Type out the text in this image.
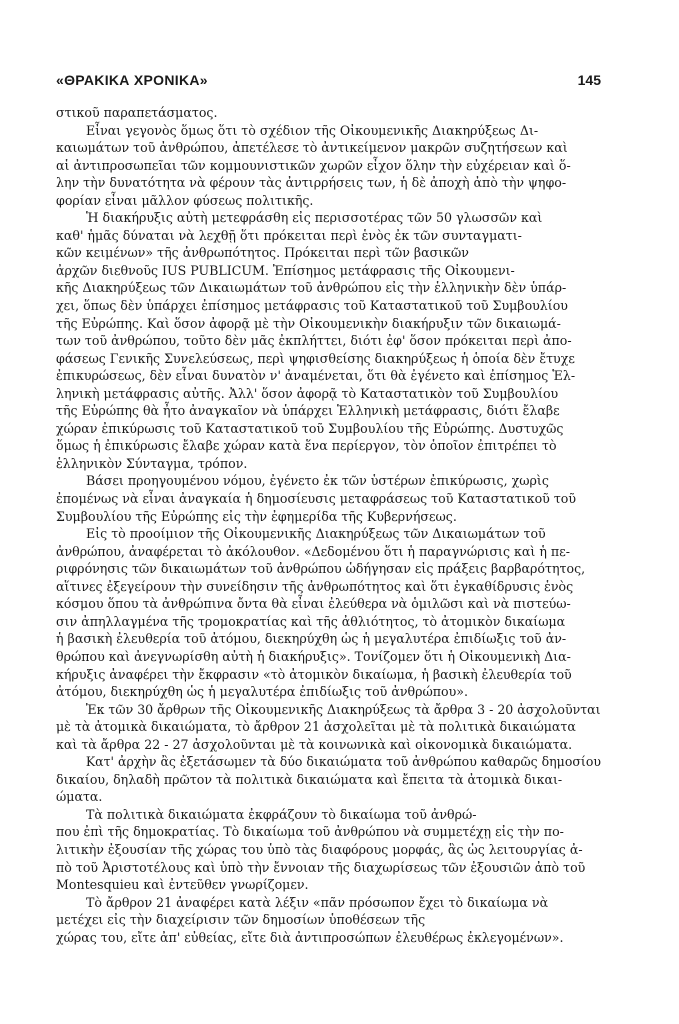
«ΘΡΑΚΙΚΑ ΧΡΟΝΙΚΑ»	145
στικοῦ παραπετάσματος.
Εἶναι γεγονὸς ὅμως ὅτι τὸ σχέδιον τῆς Οἰκουμενικῆς Διακηρύξεως Δι-
καιωμάτων τοῦ ἀνθρώπου, ἀπετέλεσε τὸ ἀντικείμενον μακρῶν συζητήσεων καὶ
αἱ ἀντιπροσωπεῖαι τῶν κομμουνιστικῶν χωρῶν εἶχον ὅλην τὴν εὐχέρειαν καὶ ὅ-
λην τὴν δυνατότητα νὰ φέρουν τὰς ἀντιρρήσεις των, ἡ δὲ ἀποχὴ ἀπὸ τὴν ψηφο-
φορίαν εἶναι μᾶλλον φύσεως πολιτικῆς.
Ἡ διακήρυξις αὐτὴ μετεφράσθη εἰς περισσοτέρας τῶν 50 γλωσσῶν καὶ
καθ' ἡμᾶς δύναται νὰ λεχθῇ ὅτι πρόκειται περὶ ἑνὸς ἐκ τῶν συνταγματι-
κῶν κειμένων» τῆς ἀνθρωπότητος. Πρόκειται περὶ τῶν βασικῶν
ἀρχῶν διεθνοῦς IUS PUBLICUM. Ἐπίσημος μετάφρασις τῆς Οἰκουμενι-
κῆς Διακηρύξεως τῶν Δικαιωμάτων τοῦ ἀνθρώπου εἰς τὴν ἑλληνικὴν δὲν ὑπάρ-
χει, ὅπως δὲν ὑπάρχει ἐπίσημος μετάφρασις τοῦ Καταστατικοῦ τοῦ Συμβουλίου
τῆς Εὐρώπης. Καὶ ὅσον ἀφορᾷ μὲ τὴν Οἰκουμενικὴν διακήρυξιν τῶν δικαιωμά-
των τοῦ ἀνθρώπου, τοῦτο δὲν μᾶς ἐκπλήττει, διότι ἐφ' ὅσον πρόκειται περὶ ἀπο-
φάσεως Γενικῆς Συνελεύσεως, περὶ ψηφισθείσης διακηρύξεως ἡ ὁποία δὲν ἔτυχε
ἐπικυρώσεως, δὲν εἶναι δυνατὸν ν' ἀναμένεται, ὅτι θὰ ἐγένετο καὶ ἐπίσημος Ἑλ-
ληνικὴ μετάφρασις αὐτῆς. Ἀλλ' ὅσον ἀφορᾷ τὸ Καταστατικὸν τοῦ Συμβουλίου
τῆς Εὐρώπης θὰ ἦτο ἀναγκαῖον νὰ ὑπάρχει Ἑλληνικὴ μετάφρασις, διότι ἔλαβε
χώραν ἐπικύρωσις τοῦ Καταστατικοῦ τοῦ Συμβουλίου τῆς Εὐρώπης. Δυστυχῶς
ὅμως ἡ ἐπικύρωσις ἔλαβε χώραν κατὰ ἕνα περίεργον, τὸν ὁποῖον ἐπιτρέπει τὸ
ἑλληνικὸν Σύνταγμα, τρόπον.
Βάσει προηγουμένου νόμου, ἐγένετο ἐκ τῶν ὑστέρων ἐπικύρωσις, χωρὶς
ἐπομένως νὰ εἶναι ἀναγκαία ἡ δημοσίευσις μεταφράσεως τοῦ Καταστατικοῦ τοῦ
Συμβουλίου τῆς Εὐρώπης εἰς τὴν ἐφημερίδα τῆς Κυβερνήσεως.
Εἰς τὸ προοίμιον τῆς Οἰκουμενικῆς Διακηρύξεως τῶν Δικαιωμάτων τοῦ
ἀνθρώπου, ἀναφέρεται τὸ ἀκόλουθον. «Δεδομένου ὅτι ἡ παραγνώρισις καὶ ἡ πε-
ριφρόνησις τῶν δικαιωμάτων τοῦ ἀνθρώπου ὡδήγησαν εἰς πράξεις βαρβαρότητος,
αἵτινες ἐξεγείρουν τὴν συνείδησιν τῆς ἀνθρωπότητος καὶ ὅτι ἐγκαθίδρυσις ἑνὸς
κόσμου ὅπου τὰ ἀνθρώπινα ὄντα θὰ εἶναι ἐλεύθερα νὰ ὁμιλῶσι καὶ νὰ πιστεύω-
σιν ἀπηλλαγμένα τῆς τρομοκρατίας καὶ τῆς ἀθλιότητος, τὸ ἀτομικὸν δικαίωμα
ἡ βασικὴ ἐλευθερία τοῦ ἀτόμου, διεκηρύχθη ὡς ἡ μεγαλυτέρα ἐπιδίωξις τοῦ ἀν-
θρώπου καὶ ἀνεγνωρίσθη αὐτὴ ἡ διακήρυξις». Τονίζομεν ὅτι ἡ Οἰκουμενικὴ Δια-
κήρυξις ἀναφέρει τὴν ἔκφρασιν «τὸ ἀτομικὸν δικαίωμα, ἡ βασικὴ ἐλευθερία τοῦ
ἀτόμου, διεκηρύχθη ὡς ἡ μεγαλυτέρα ἐπιδίωξις τοῦ ἀνθρώπου».
Ἐκ τῶν 30 ἄρθρων τῆς Οἰκουμενικῆς Διακηρύξεως τὰ ἄρθρα 3 - 20 ἀσχολοῦνται
μὲ τὰ ἀτομικὰ δικαιώματα, τὸ ἄρθρον 21 ἀσχολεῖται μὲ τὰ πολιτικὰ δικαιώματα
καὶ τὰ ἄρθρα 22 - 27 ἀσχολοῦνται μὲ τὰ κοινωνικὰ καὶ οἰκονομικὰ δικαιώματα.
Κατ' ἀρχὴν ἂς ἐξετάσωμεν τὰ δύο δικαιώματα τοῦ ἀνθρώπου καθαρῶς δημοσίου
δικαίου, δηλαδὴ πρῶτον τὰ πολιτικὰ δικαιώματα καὶ ἔπειτα τὰ ἀτομικὰ δικαι-
ώματα.
Τὰ πολιτικὰ δικαιώματα ἐκφράζουν τὸ δικαίωμα τοῦ ἀνθρώ-
που ἐπὶ τῆς δημοκρατίας. Τὸ δικαίωμα τοῦ ἀνθρώπου νὰ συμμετέχῃ εἰς τὴν πο-
λιτικὴν ἐξουσίαν τῆς χώρας του ὑπὸ τὰς διαφόρους μορφάς, ἃς ὡς λειτουργίας ἀ-
πὸ τοῦ Ἀριστοτέλους καὶ ὑπὸ τὴν ἔννοιαν τῆς διαχωρίσεως τῶν ἐξουσιῶν ἀπὸ τοῦ
Montesquieu καὶ ἐντεῦθεν γνωρίζομεν.
Τὸ ἄρθρον 21 ἀναφέρει κατὰ λέξιν «πᾶν πρόσωπον ἔχει τὸ δικαίωμα νὰ
μετέχει εἰς τὴν διαχείρισιν τῶν δημοσίων ὑποθέσεων τῆς
χώρας του, εἴτε ἀπ' εὐθείας, εἴτε διὰ ἀντιπροσώπων ἐλευθέρως ἐκλεγομένων».
